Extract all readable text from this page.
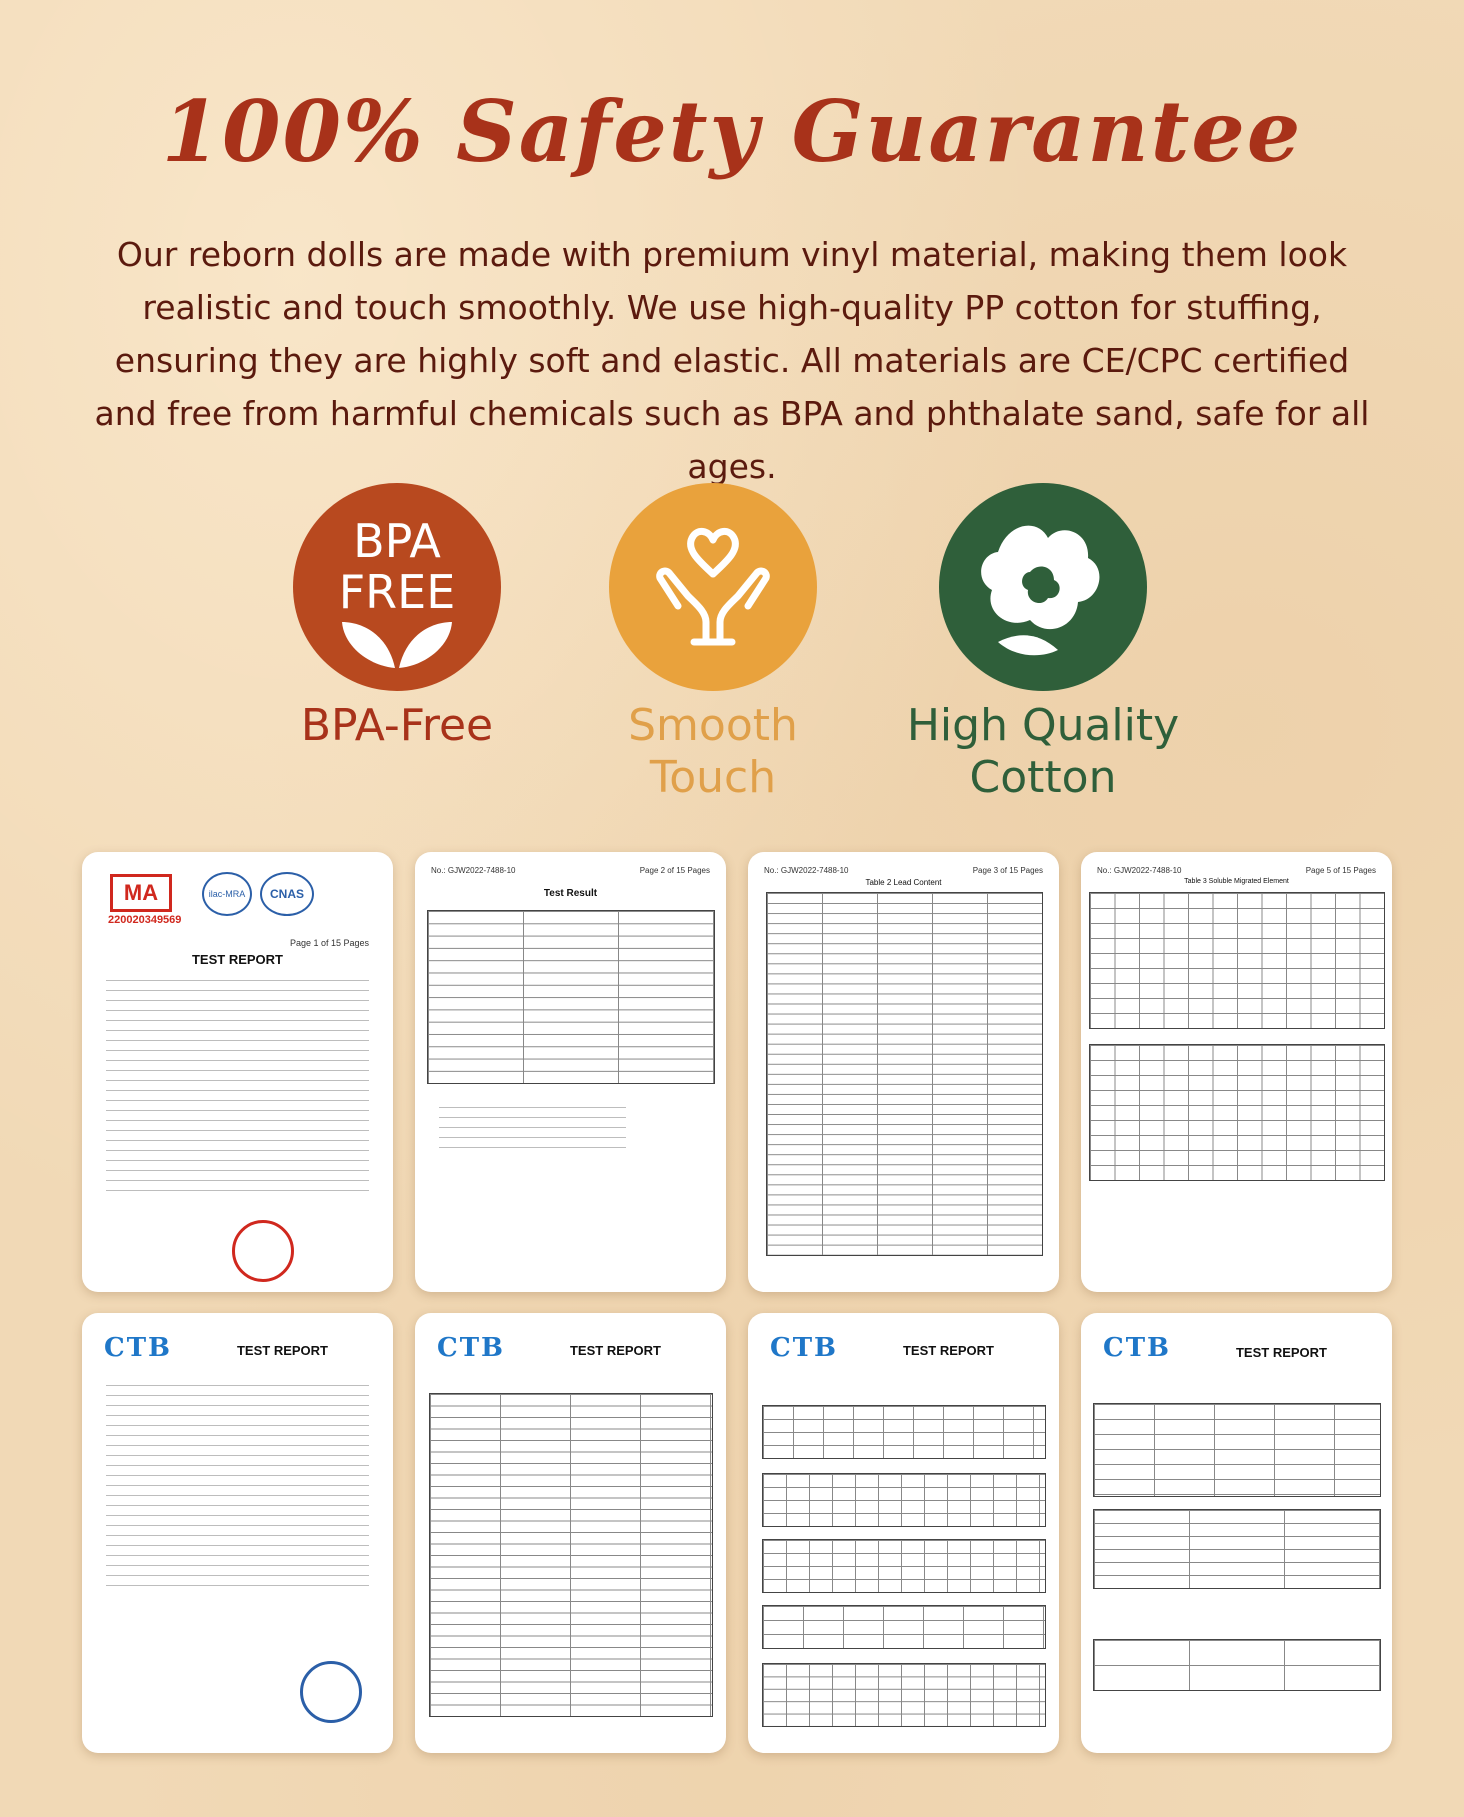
100% Safety Guarantee

Our reborn dolls are made with premium vinyl material, making them look realistic and touch smoothly. We use high-quality PP cotton for stuffing, ensuring they are highly soft and elastic. All materials are CE/CPC certified and free from harmful chemicals such as BPA and phthalate sand, safe for all ages.

BPA
FREE
BPA-Free	Smooth
Touch
High Quality
Cotton
MA
220020349569
ilac-MRA	CNAS
Page 1 of 15 Pages
TEST REPORT
No.: GJW2022-7488-10	Page 2 of 15 Pages
Test Result
No.: GJW2022-7488-10	Page 3 of 15 Pages
Table 2 Lead Content
No.: GJW2022-7488-10	Page 5 of 15 Pages
Table 3 Soluble Migrated Element
CTB	TEST REPORT	CTB	TEST REPORT	CTB	TEST REPORT	CTB	TEST REPORT
